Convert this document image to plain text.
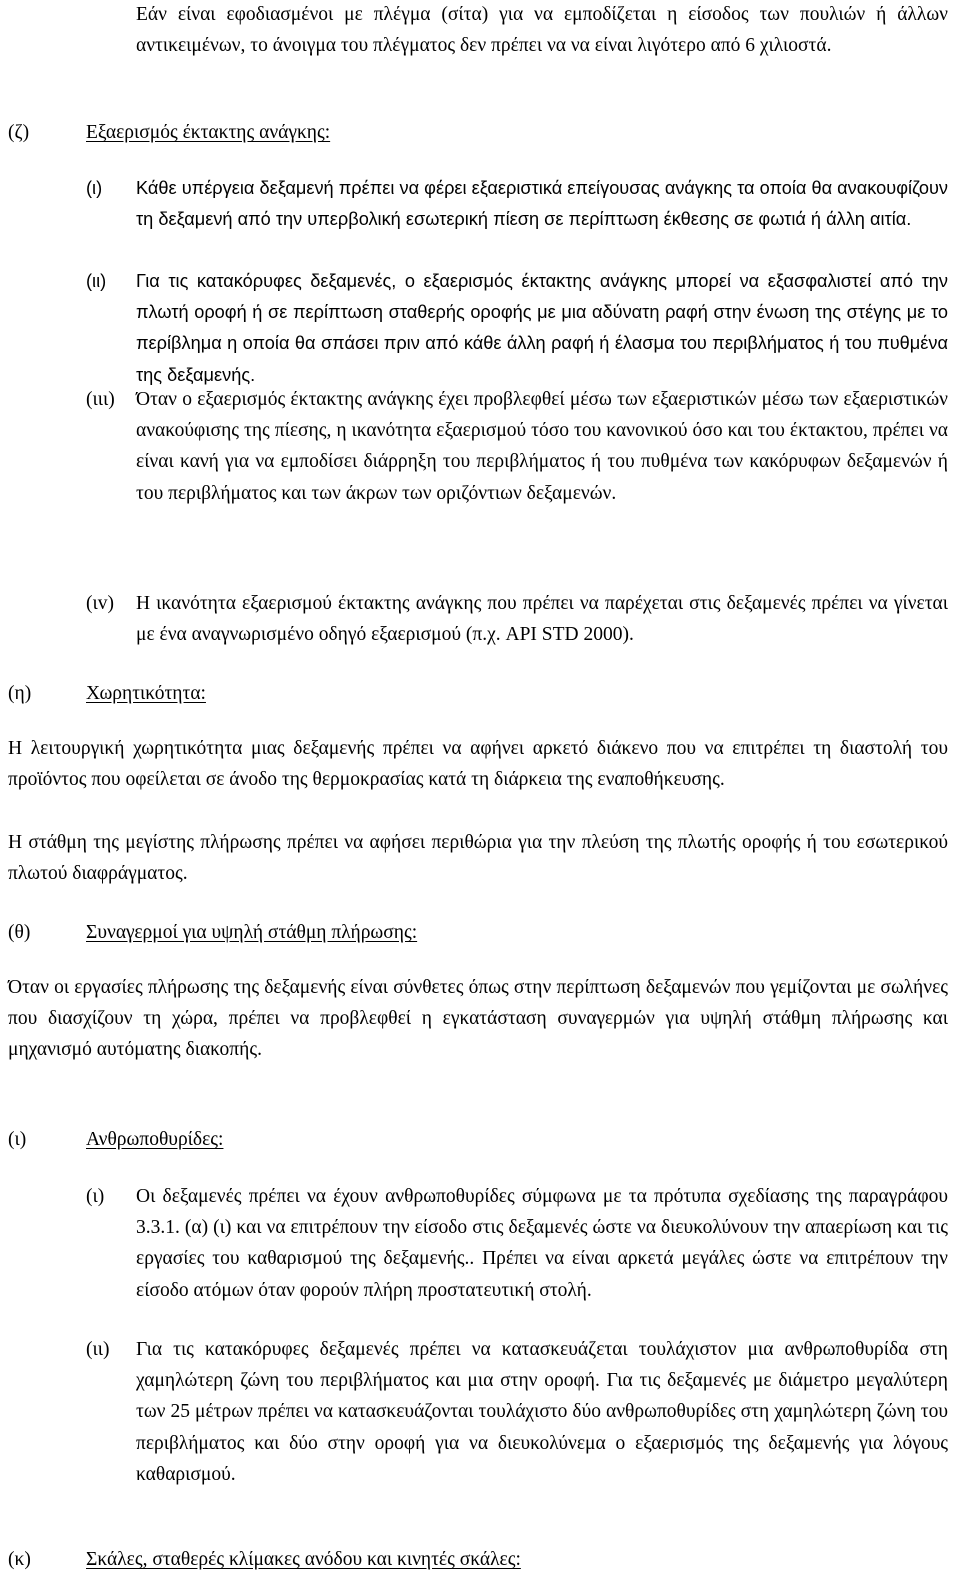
Εάν είναι εφοδιασμένοι με πλέγμα (σίτα) για να εμποδίζεται η είσοδος των πουλιών ή άλλων αντικειμένων, το άνοιγμα του πλέγματος δεν πρέπει να να είναι λιγότερο από 6 χιλιοστά.

(ζ)	Εξαερισμός έκτακτης ανάγκης:
(ι) Κάθε υπέργεια δεξαμενή πρέπει να φέρει εξαεριστικά επείγουσας ανάγκης τα οποία θα ανακουφίζουν τη δεξαμενή από την υπερβολική εσωτερική πίεση σε περίπτωση έκθεσης σε φωτιά ή άλλη αιτία.

(ιι) Για τις κατακόρυφες δεξαμενές, ο εξαερισμός έκτακτης ανάγκης μπορεί να εξασφαλιστεί από την πλωτή οροφή ή σε περίπτωση σταθερής οροφής με μια αδύνατη ραφή στην ένωση της στέγης με το περίβλημα η οποία θα σπάσει πριν από κάθε άλλη ραφή ή έλασμα του περιβλήματος ή του πυθμένα της δεξαμενής.

(ιιι) Όταν ο εξαερισμός έκτακτης ανάγκης έχει προβλεφθεί μέσω των εξαεριστικών μέσω των εξαεριστικών ανακούφισης της πίεσης, η ικανότητα εξαερισμού τόσο του κανονικού όσο και του έκτακτου, πρέπει να είναι κανή για να εμποδίσει διάρρηξη του περιβλήματος ή του πυθμένα των κακόρυφων δεξαμενών ή του περιβλήματος και των άκρων των οριζόντιων δεξαμενών.

(ιv) Η ικανότητα εξαερισμού έκτακτης ανάγκης που πρέπει να παρέχεται στις δεξαμενές πρέπει να γίνεται με ένα αναγνωρισμένο οδηγό εξαερισμού (π.χ. API STD 2000).

(η)	Χωρητικότητα:

Η λειτουργική χωρητικότητα μιας δεξαμενής πρέπει να αφήνει αρκετό διάκενο που να επιτρέπει τη διαστολή του προϊόντος που οφείλεται σε άνοδο της θερμοκρασίας κατά τη διάρκεια της εναποθήκευσης.

Η στάθμη της μεγίστης πλήρωσης πρέπει να αφήσει περιθώρια για την πλεύση της πλωτής οροφής ή του εσωτερικού πλωτού διαφράγματος.

(θ)	Συναγερμοί για υψηλή στάθμη πλήρωσης:

Όταν οι εργασίες πλήρωσης της δεξαμενής είναι σύνθετες όπως στην περίπτωση δεξαμενών που γεμίζονται με σωλήνες που διασχίζουν τη χώρα, πρέπει να προβλεφθεί η εγκατάσταση συναγερμών για υψηλή στάθμη πλήρωσης και μηχανισμό αυτόματης διακοπής.

(ι)	Ανθρωποθυρίδες:
(ι) Οι δεξαμενές πρέπει να έχουν ανθρωποθυρίδες σύμφωνα με τα πρότυπα σχεδίασης της παραγράφου 3.3.1. (α) (ι) και να επιτρέπουν την είσοδο στις δεξαμενές ώστε να διευκολύνουν την απαερίωση και τις εργασίες του καθαρισμού της δεξαμενής.. Πρέπει να είναι αρκετά μεγάλες ώστε να επιτρέπουν την είσοδο ατόμων όταν φορούν πλήρη προστατευτική στολή.

(ιι) Για τις κατακόρυφες δεξαμενές πρέπει να κατασκευάζεται τουλάχιστον μια ανθρωποθυρίδα στη χαμηλώτερη ζώνη του περιβλήματος και μια στην οροφή. Για τις δεξαμενές με διάμετρο μεγαλύτερη των 25 μέτρων πρέπει να κατασκευάζονται τουλάχιστο δύο ανθρωποθυρίδες στη χαμηλώτερη ζώνη του περιβλήματος και δύο στην οροφή για να διευκολύνεμα ο εξαερισμός της δεξαμενής για λόγους καθαρισμού.

(κ)	Σκάλες, σταθερές κλίμακες ανόδου και κινητές σκάλες:
